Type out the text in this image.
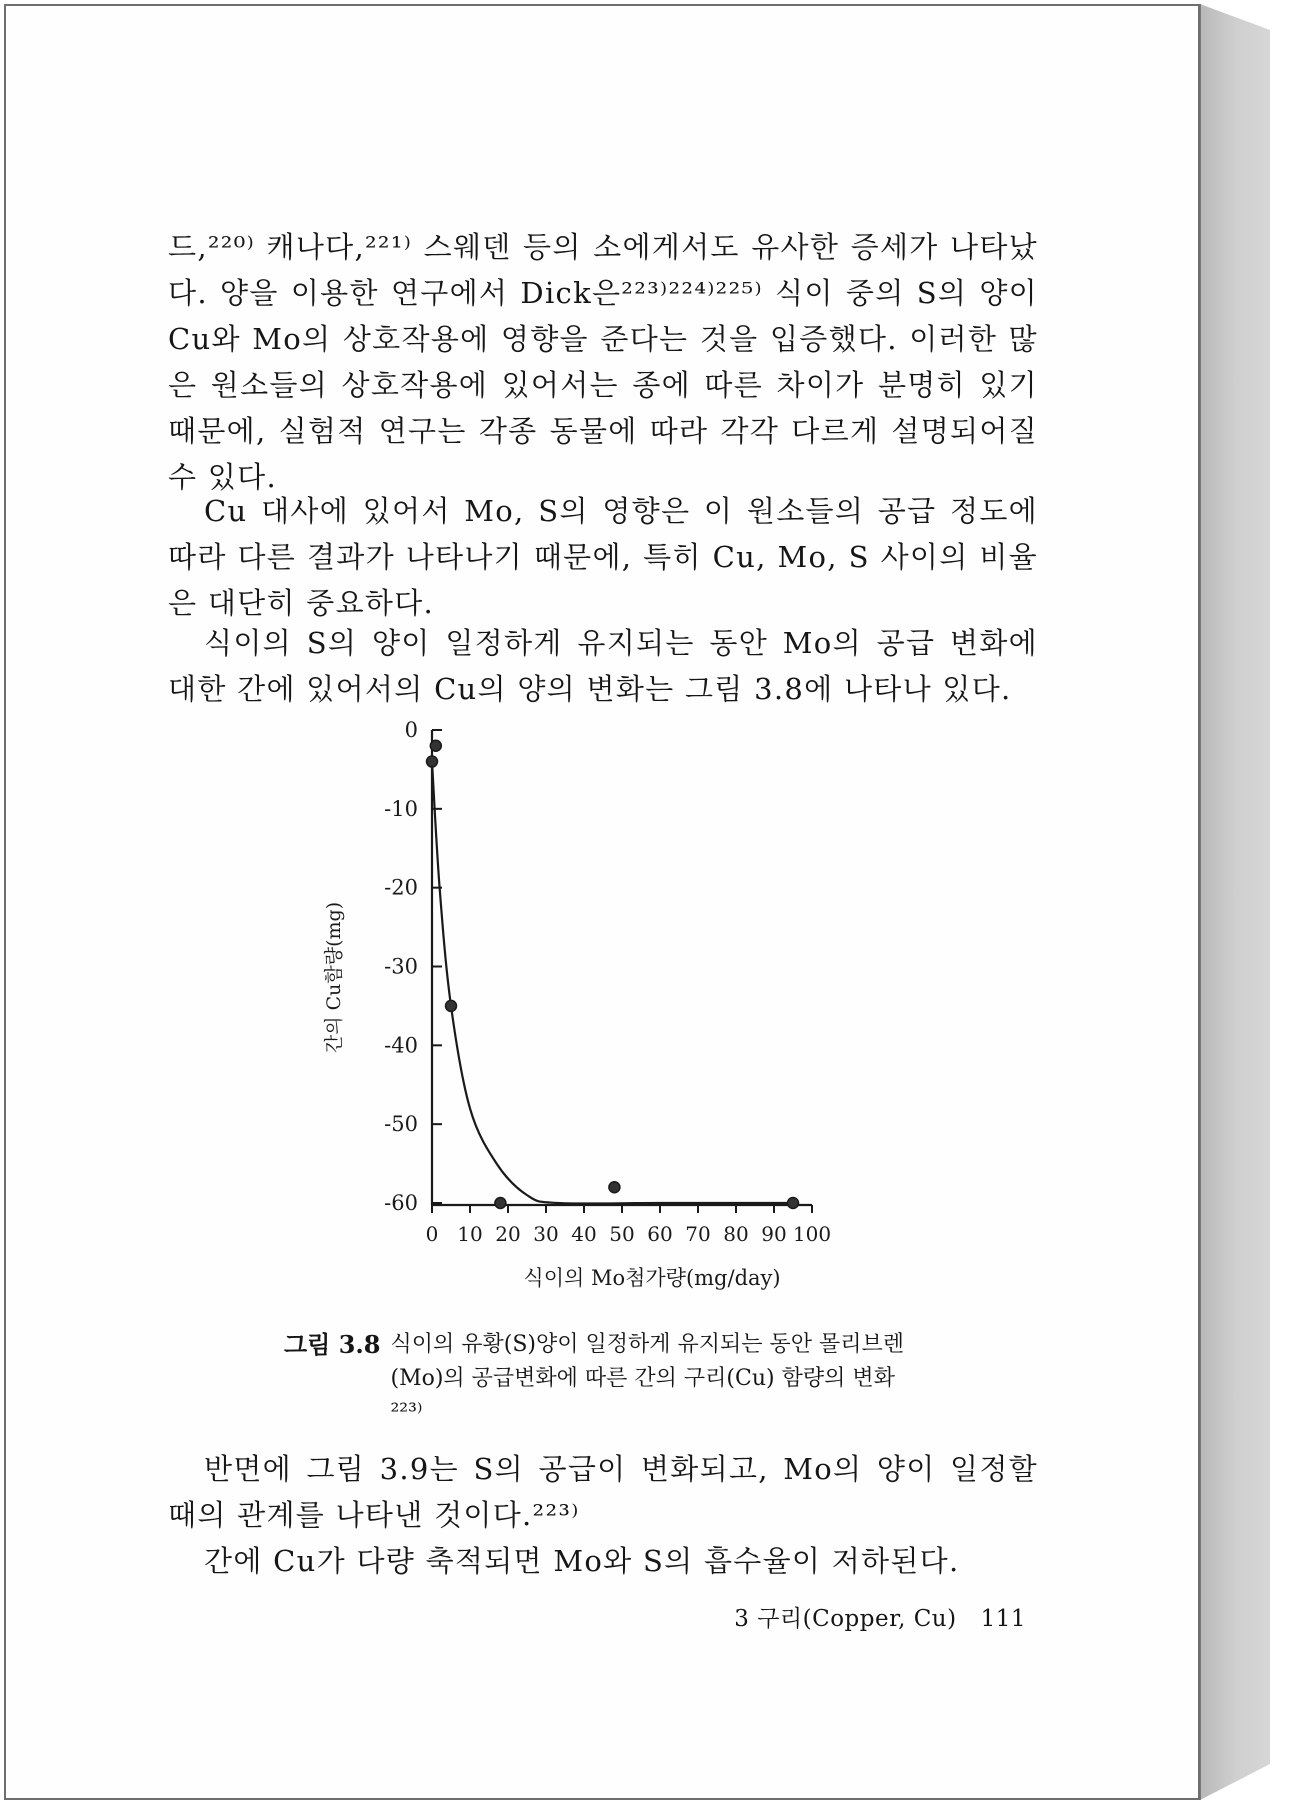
드,²²⁰⁾ 캐나다,²²¹⁾ 스웨덴 등의 소에게서도 유사한 증세가 나타났다. 양을 이용한 연구에서 Dick은²²³⁾²²⁴⁾²²⁵⁾ 식이 중의 S의 양이 Cu와 Mo의 상호작용에 영향을 준다는 것을 입증했다. 이러한 많은 원소들의 상호작용에 있어서는 종에 따른 차이가 분명히 있기 때문에, 실험적 연구는 각종 동물에 따라 각각 다르게 설명되어질 수 있다.

Cu 대사에 있어서 Mo, S의 영향은 이 원소들의 공급 정도에 따라 다른 결과가 나타나기 때문에, 특히 Cu, Mo, S 사이의 비율은 대단히 중요하다.

식이의 S의 양이 일정하게 유지되는 동안 Mo의 공급 변화에 대한 간에 있어서의 Cu의 양의 변화는 그림 3.8에 나타나 있다.

0
-10
-20
-30
-40
-50
-60
0 10 20 30 40 50 60 70 80 90 100
식이의 Mo첨가량(mg/day)
간의 Cu함량(mg)
그림 3.8 식이의 유황(S)양이 일정하게 유지되는 동안 몰리브렌(Mo)의 공급변화에 따른 간의 구리(Cu) 함량의 변화²²³⁾

반면에 그림 3.9는 S의 공급이 변화되고, Mo의 양이 일정할 때의 관계를 나타낸 것이다.²²³⁾

간에 Cu가 다량 축적되면 Mo와 S의 흡수율이 저하된다.

3 구리(Copper, Cu) 111
